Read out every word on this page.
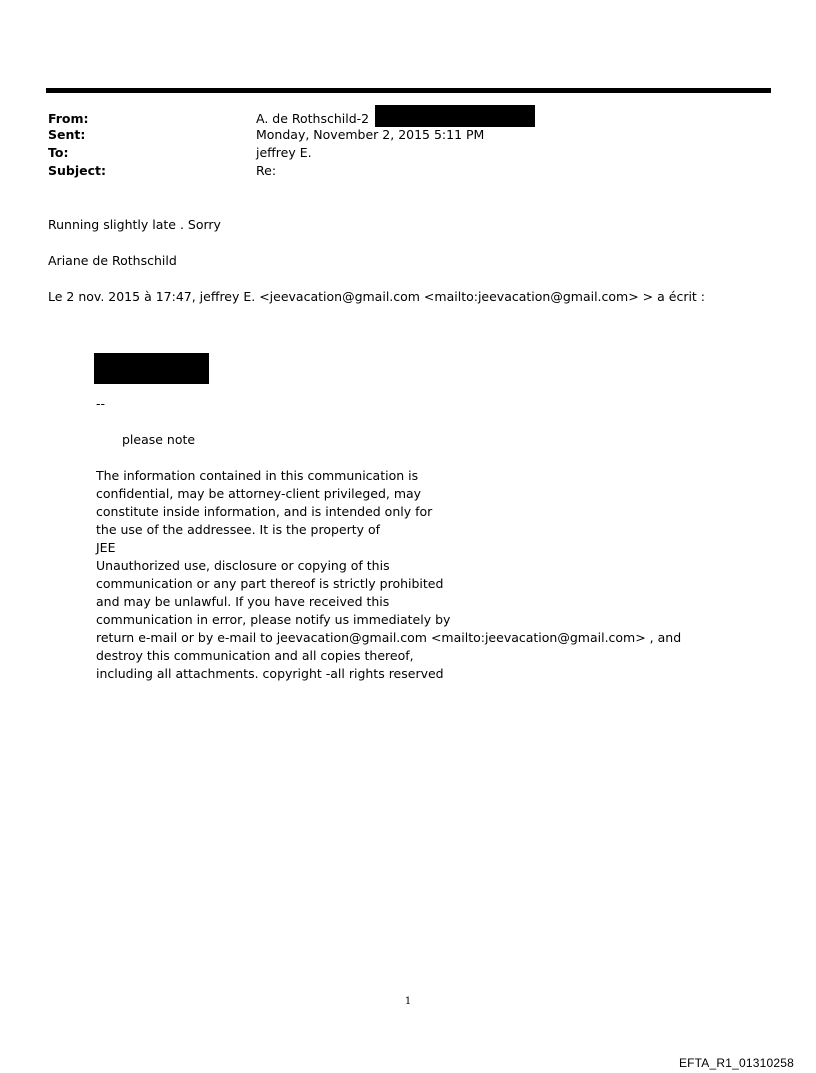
From:	A. de Rothschild-2
Sent:	Monday, November 2, 2015 5:11 PM
To:	jeffrey E.
Subject:	Re:
Running slightly late . Sorry
Ariane de Rothschild
Le 2 nov. 2015 à 17:47, jeffrey E. <jeevacation@gmail.com <mailto:jeevacation@gmail.com> > a écrit :
--
please note
The information contained in this communication is
confidential, may be attorney-client privileged, may
constitute inside information, and is intended only for
the use of the addressee. It is the property of
JEE
Unauthorized use, disclosure or copying of this
communication or any part thereof is strictly prohibited
and may be unlawful. If you have received this
communication in error, please notify us immediately by
return e-mail or by e-mail to jeevacation@gmail.com <mailto:jeevacation@gmail.com> , and
destroy this communication and all copies thereof,
including all attachments. copyright -all rights reserved
1
EFTA_R1_01310258
